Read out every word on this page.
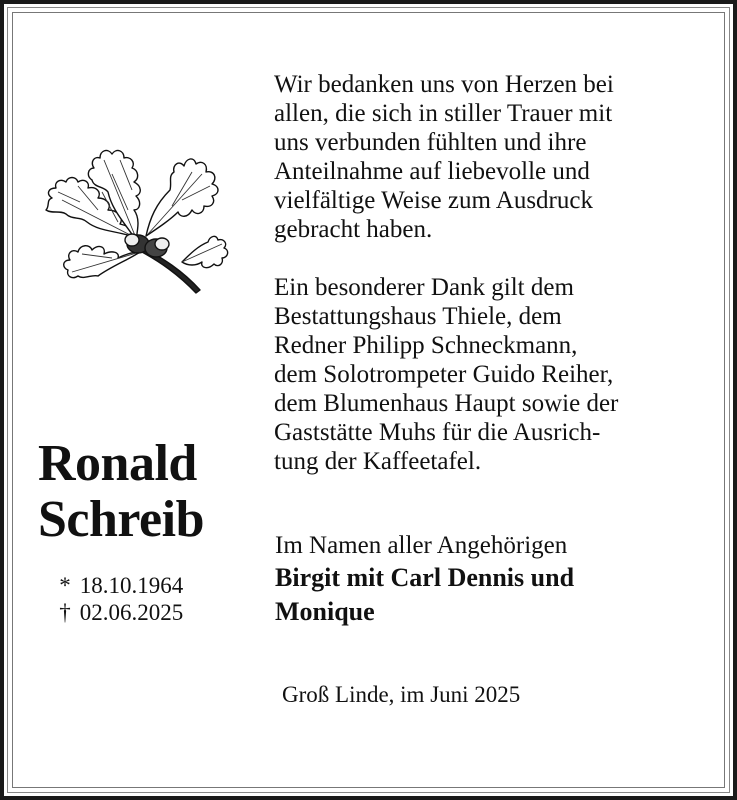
Ronald
Schreib
*
18.10.1964
†
02.06.2025

Wir bedanken uns von Herzen bei
allen, die sich in stiller Trauer mit
uns verbunden fühlten und ihre
Anteilnahme auf liebevolle und
vielfältige Weise zum Ausdruck
gebracht haben.

Ein besonderer Dank gilt dem
Bestattungshaus Thiele, dem
Redner Philipp Schneckmann,
dem Solotrompeter Guido Reiher,
dem Blumenhaus Haupt sowie der
Gaststätte Muhs für die Ausrich-
tung der Kaffeetafel.

Im Namen aller Angehörigen
Birgit mit Carl Dennis und
Monique
Groß Linde, im Juni 2025
